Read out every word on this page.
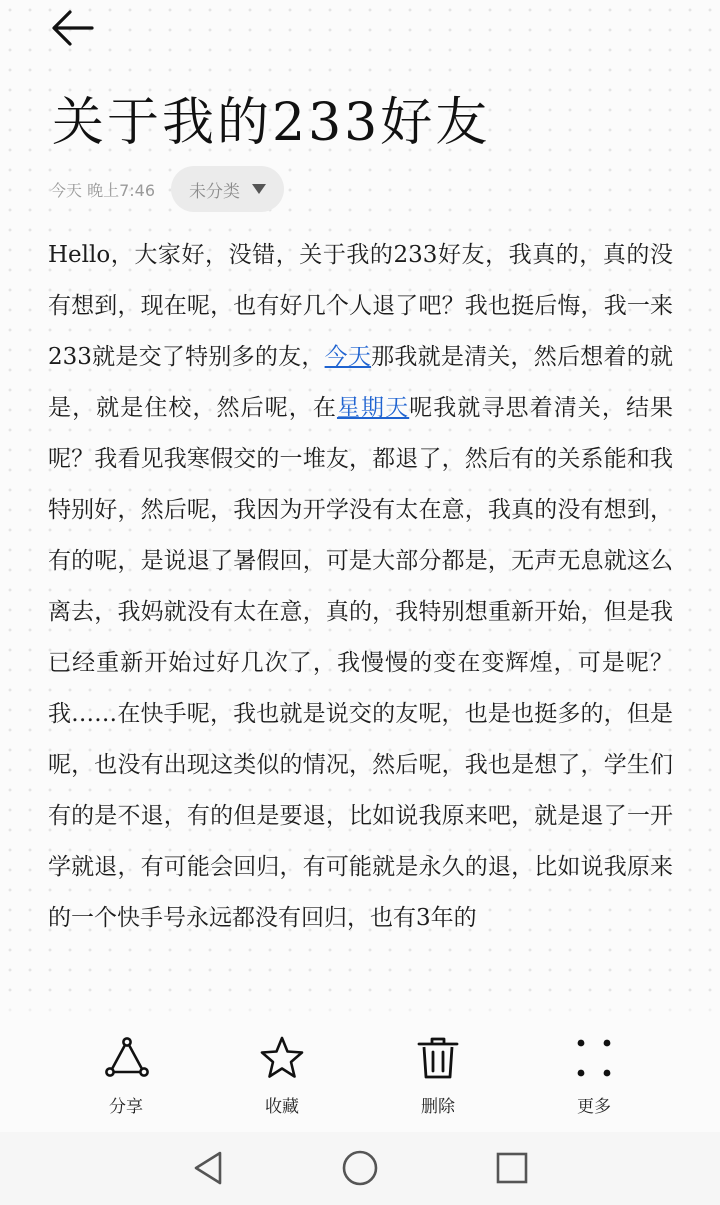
关于我的233好友
今天 晚上7:46 未分类
Hello，大家好，没错，关于我的233好友，我真的，真的没有想到，现在呢，也有好几个人退了吧？我也挺后悔，我一来233就是交了特别多的友，今天那我就是清关，然后想着的就是，就是住校，然后呢，在星期天呢我就寻思着清关，结果呢？我看见我寒假交的一堆友，都退了，然后有的关系能和我特别好，然后呢，我因为开学没有太在意，我真的没有想到，有的呢，是说退了暑假回，可是大部分都是，无声无息就这么离去，我妈就没有太在意，真的，我特别想重新开始，但是我已经重新开始过好几次了，我慢慢的变在变辉煌，可是呢？我……在快手呢，我也就是说交的友呢，也是也挺多的，但是呢，也没有出现这类似的情况，然后呢，我也是想了，学生们有的是不退，有的但是要退，比如说我原来吧，就是退了一开学就退，有可能会回归，有可能就是永久的退，比如说我原来的一个快手号永远都没有回归，也有3年的
分享	收藏	删除	更多
